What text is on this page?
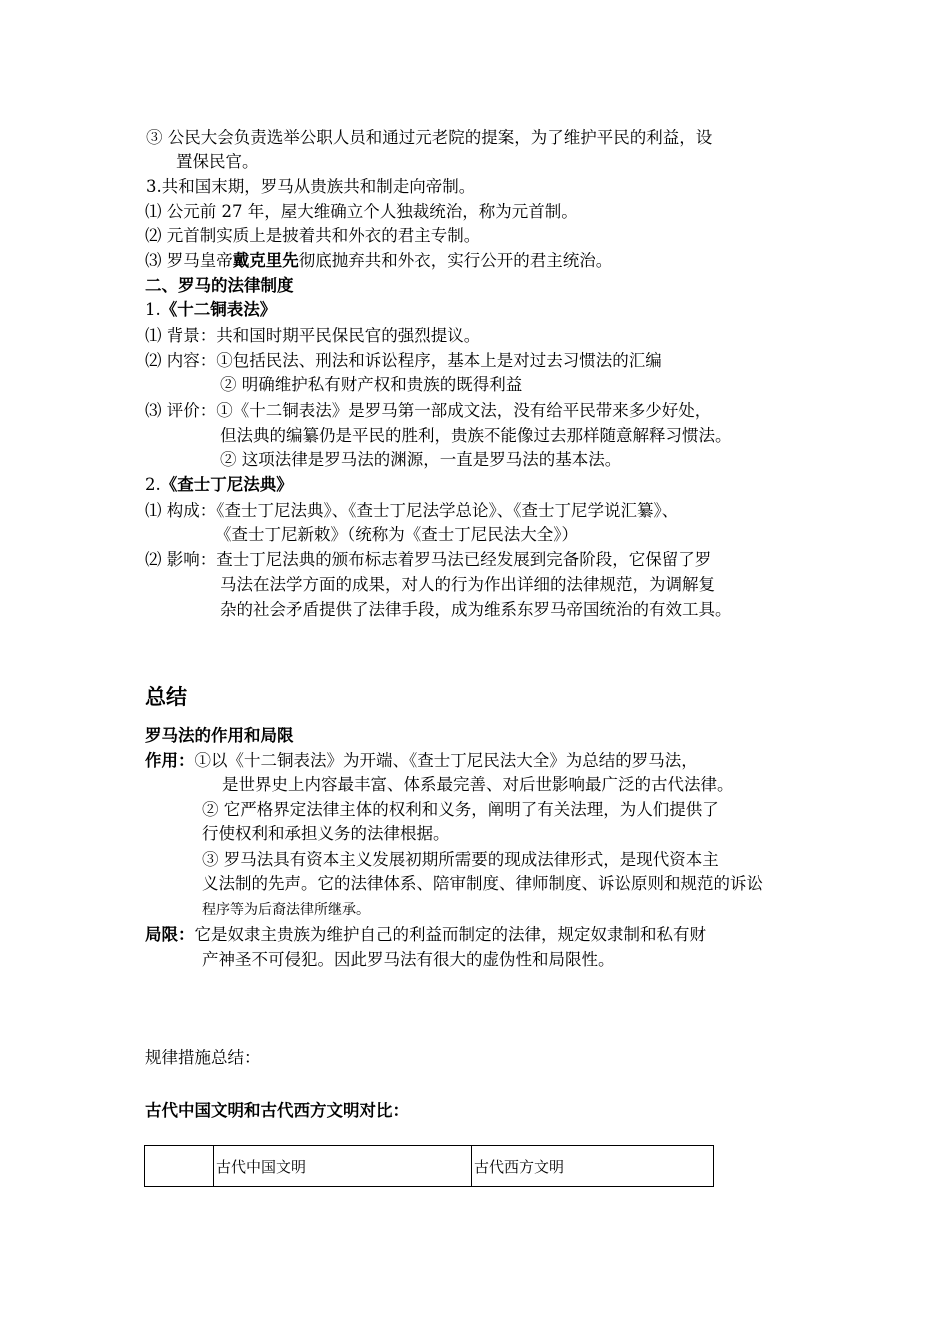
③ 公民大会负责选举公职人员和通过元老院的提案，为了维护平民的利益，设
置保民官。
3.共和国末期，罗马从贵族共和制走向帝制。
⑴ 公元前 27 年，屋大维确立个人独裁统治，称为元首制。
⑵ 元首制实质上是披着共和外衣的君主专制。
⑶ 罗马皇帝戴克里先彻底抛弃共和外衣，实行公开的君主统治。
二、罗马的法律制度
1.《十二铜表法》
⑴ 背景：共和国时期平民保民官的强烈提议。
⑵ 内容：①包括民法、刑法和诉讼程序，基本上是对过去习惯法的汇编
② 明确维护私有财产权和贵族的既得利益
⑶ 评价：①《十二铜表法》是罗马第一部成文法，没有给平民带来多少好处，
但法典的编纂仍是平民的胜利，贵族不能像过去那样随意解释习惯法。
② 这项法律是罗马法的渊源，一直是罗马法的基本法。
2.《查士丁尼法典》
⑴ 构成：《查士丁尼法典》、《查士丁尼法学总论》、《查士丁尼学说汇纂》、
《查士丁尼新敕》（统称为《查士丁尼民法大全》）
⑵ 影响：查士丁尼法典的颁布标志着罗马法已经发展到完备阶段，它保留了罗
马法在法学方面的成果，对人的行为作出详细的法律规范，为调解复
杂的社会矛盾提供了法律手段，成为维系东罗马帝国统治的有效工具。
总结
罗马法的作用和局限
作用：①以《十二铜表法》为开端、《查士丁尼民法大全》为总结的罗马法，
是世界史上内容最丰富、体系最完善、对后世影响最广泛的古代法律。
② 它严格界定法律主体的权利和义务，阐明了有关法理，为人们提供了
行使权利和承担义务的法律根据。
③ 罗马法具有资本主义发展初期所需要的现成法律形式，是现代资本主
义法制的先声。它的法律体系、陪审制度、律师制度、诉讼原则和规范的诉讼
程序等为后裔法律所继承。
局限：它是奴隶主贵族为维护自己的利益而制定的法律，规定奴隶制和私有财
产神圣不可侵犯。因此罗马法有很大的虚伪性和局限性。
规律措施总结：
古代中国文明和古代西方文明对比：
	古代中国文明	古代西方文明
